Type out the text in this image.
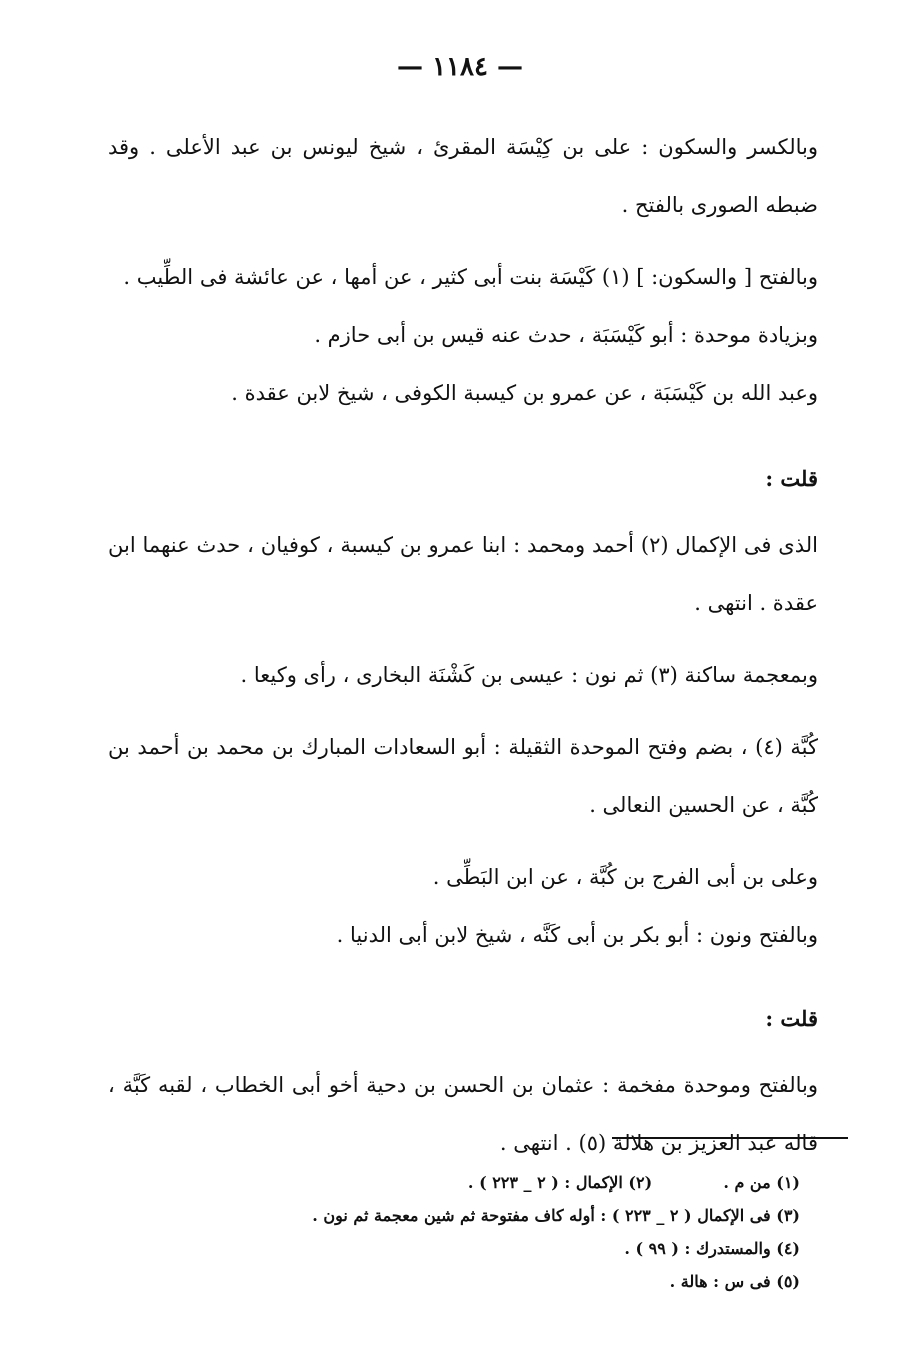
— ١١٨٤ —

وبالكسر والسكون : على بن كِيْسَة المقرئ ، شيخ ليونس بن عبد الأعلى . وقد ضبطه الصورى بالفتح .

وبالفتح [ والسكون: ] (١) كَيْسَة بنت أبى كثير ، عن أمها ، عن عائشة فى الطِّيب .

وبزيادة موحدة : أبو كَيْسَبَة ، حدث عنه قيس بن أبى حازم .

وعبد الله بن كَيْسَبَة ، عن عمرو بن كيسبة الكوفى ، شيخ لابن عقدة .

قلت :

الذى فى الإكمال (٢) أحمد ومحمد : ابنا عمرو بن كيسبة ، كوفيان ، حدث عنهما ابن عقدة . انتهى .

وبمعجمة ساكنة (٣) ثم نون : عيسى بن كَشْنَة البخارى ، رأى وكيعا .

كُبَّة (٤) ، بضم وفتح الموحدة الثقيلة : أبو السعادات المبارك بن محمد بن أحمد بن كُبَّة ، عن الحسين النعالى .

وعلى بن أبى الفرج بن كُبَّة ، عن ابن البَطِّى .

وبالفتح ونون : أبو بكر بن أبى كَنَّه ، شيخ لابن أبى الدنيا .

قلت :

وبالفتح وموحدة مفخمة : عثمان بن الحسن بن دحية أخو أبى الخطاب ، لقبه كَبَّة ، قاله عبد العزيز بن هلالة (٥) . انتهى .

(١) من م .  (٢) الإكمال : ( ٢ _ ٢٢٣ ) .

(٣) فى الإكمال ( ٢ _ ٢٢٣ ) : أوله كاف مفتوحة ثم شين معجمة ثم نون .

(٤) والمستدرك : ( ٩٩ ) .

(٥) فى س : هالة .
